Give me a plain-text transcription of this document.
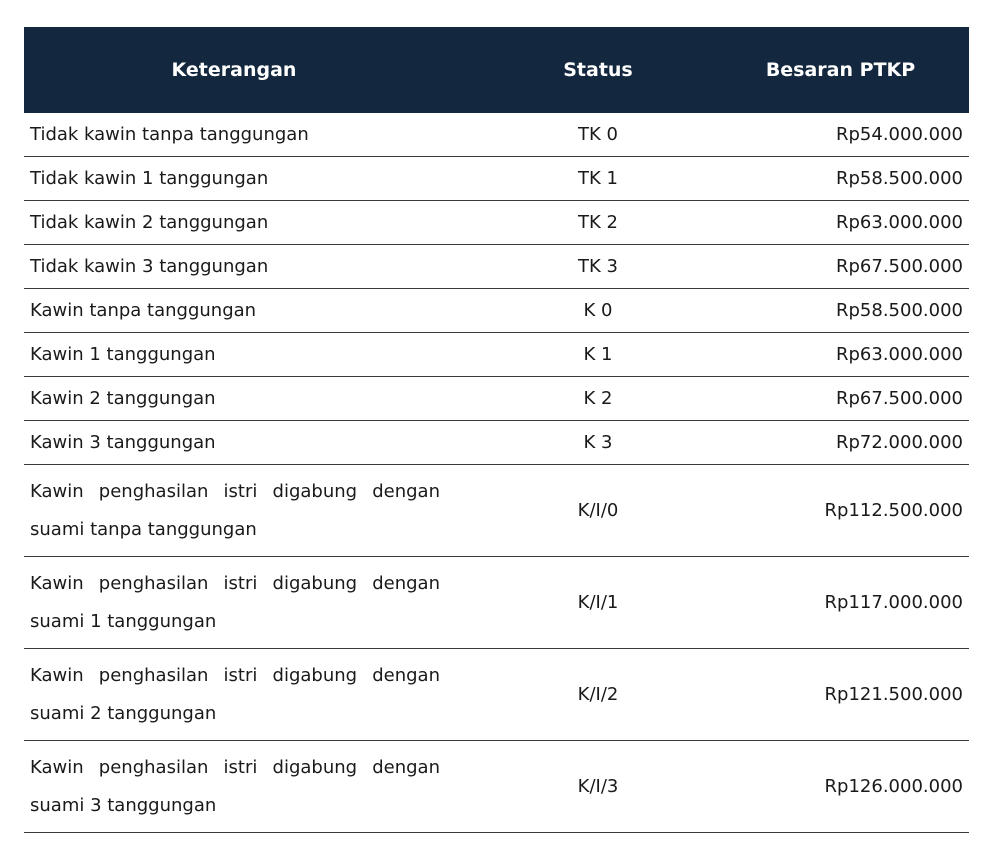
Keterangan	Status	Besaran PTKP
Tidak kawin tanpa tanggungan	TK 0	Rp54.000.000
Tidak kawin 1 tanggungan	TK 1	Rp58.500.000
Tidak kawin 2 tanggungan	TK 2	Rp63.000.000
Tidak kawin 3 tanggungan	TK 3	Rp67.500.000
Kawin tanpa tanggungan	K 0	Rp58.500.000
Kawin 1 tanggungan	K 1	Rp63.000.000
Kawin 2 tanggungan	K 2	Rp67.500.000
Kawin 3 tanggungan	K 3	Rp72.000.000
Kawin penghasilan istri digabung dengan suami tanpa tanggungan	K/I/0	Rp112.500.000
Kawin penghasilan istri digabung dengan suami 1 tanggungan	K/I/1	Rp117.000.000
Kawin penghasilan istri digabung dengan suami 2 tanggungan	K/I/2	Rp121.500.000
Kawin penghasilan istri digabung dengan suami 3 tanggungan	K/I/3	Rp126.000.000
